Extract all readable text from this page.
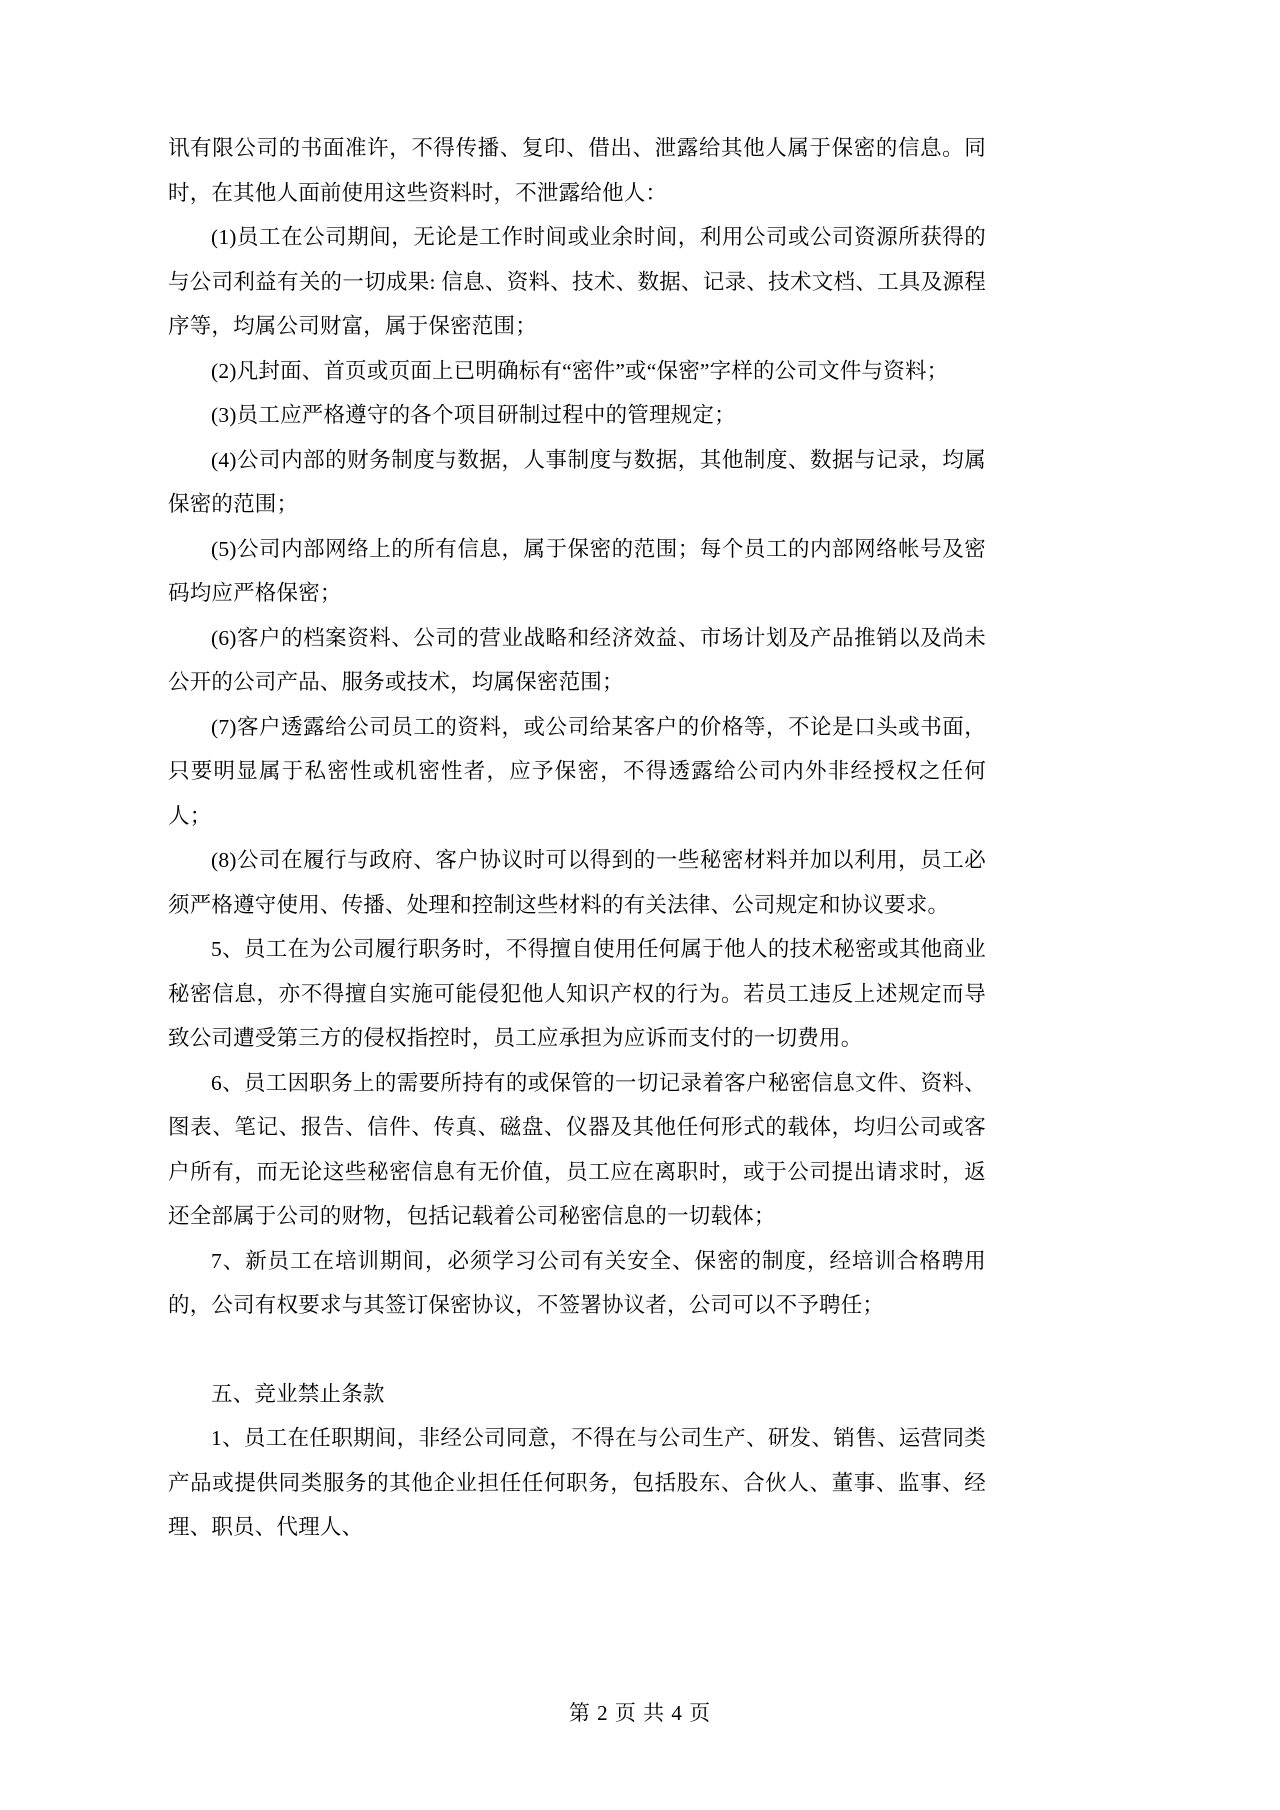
讯有限公司的书面准许，不得传播、复印、借出、泄露给其他人属于保密的信息。同时，在其他人面前使用这些资料时，不泄露给他人：

(1)员工在公司期间，无论是工作时间或业余时间，利用公司或公司资源所获得的与公司利益有关的一切成果: 信息、资料、技术、数据、记录、技术文档、工具及源程序等，均属公司财富，属于保密范围；

(2)凡封面、首页或页面上已明确标有“密件”或“保密”字样的公司文件与资料；

(3)员工应严格遵守的各个项目研制过程中的管理规定；

(4)公司内部的财务制度与数据，人事制度与数据，其他制度、数据与记录，均属保密的范围；

(5)公司内部网络上的所有信息，属于保密的范围；每个员工的内部网络帐号及密码均应严格保密；

(6)客户的档案资料、公司的营业战略和经济效益、市场计划及产品推销以及尚未公开的公司产品、服务或技术，均属保密范围；

(7)客户透露给公司员工的资料，或公司给某客户的价格等，不论是口头或书面，只要明显属于私密性或机密性者，应予保密，不得透露给公司内外非经授权之任何人；

(8)公司在履行与政府、客户协议时可以得到的一些秘密材料并加以利用，员工必须严格遵守使用、传播、处理和控制这些材料的有关法律、公司规定和协议要求。

5、员工在为公司履行职务时，不得擅自使用任何属于他人的技术秘密或其他商业秘密信息，亦不得擅自实施可能侵犯他人知识产权的行为。若员工违反上述规定而导致公司遭受第三方的侵权指控时，员工应承担为应诉而支付的一切费用。

6、员工因职务上的需要所持有的或保管的一切记录着客户秘密信息文件、资料、图表、笔记、报告、信件、传真、磁盘、仪器及其他任何形式的载体，均归公司或客户所有，而无论这些秘密信息有无价值，员工应在离职时，或于公司提出请求时，返还全部属于公司的财物，包括记载着公司秘密信息的一切载体；

7、新员工在培训期间，必须学习公司有关安全、保密的制度，经培训合格聘用的，公司有权要求与其签订保密协议，不签署协议者，公司可以不予聘任；

五、竞业禁止条款

1、员工在任职期间，非经公司同意，不得在与公司生产、研发、销售、运营同类产品或提供同类服务的其他企业担任任何职务，包括股东、合伙人、董事、监事、经理、职员、代理人、

第 2 页 共 4 页
